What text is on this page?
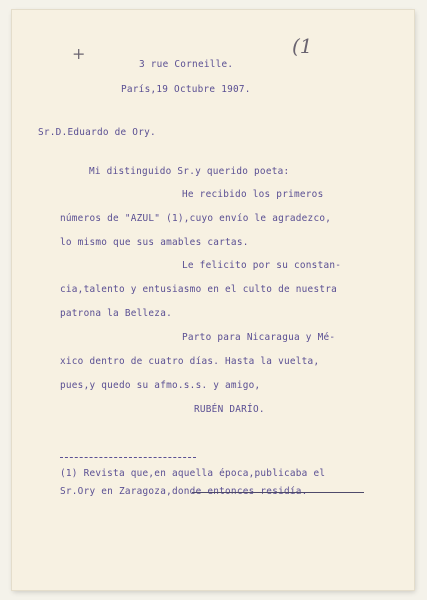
+	(1
3 rue Corneille.
París,19 Octubre 1907.
Sr.D.Eduardo de Ory.
Mi distinguido Sr.y querido poeta:
He recibido los primeros
números de "AZUL" (1),cuyo envío le agradezco,
lo mismo que sus amables cartas.
Le felicito por su constan-
cia,talento y entusiasmo en el culto de nuestra
patrona la Belleza.
Parto para Nicaragua y Mé-
xico dentro de cuatro días. Hasta la vuelta,
pues,y quedo su afmo.s.s. y amigo,
RUBÉN DARÍO.
(1) Revista que,en aquella época,publicaba el
Sr.Ory en Zaragoza,donde entonces residía.
